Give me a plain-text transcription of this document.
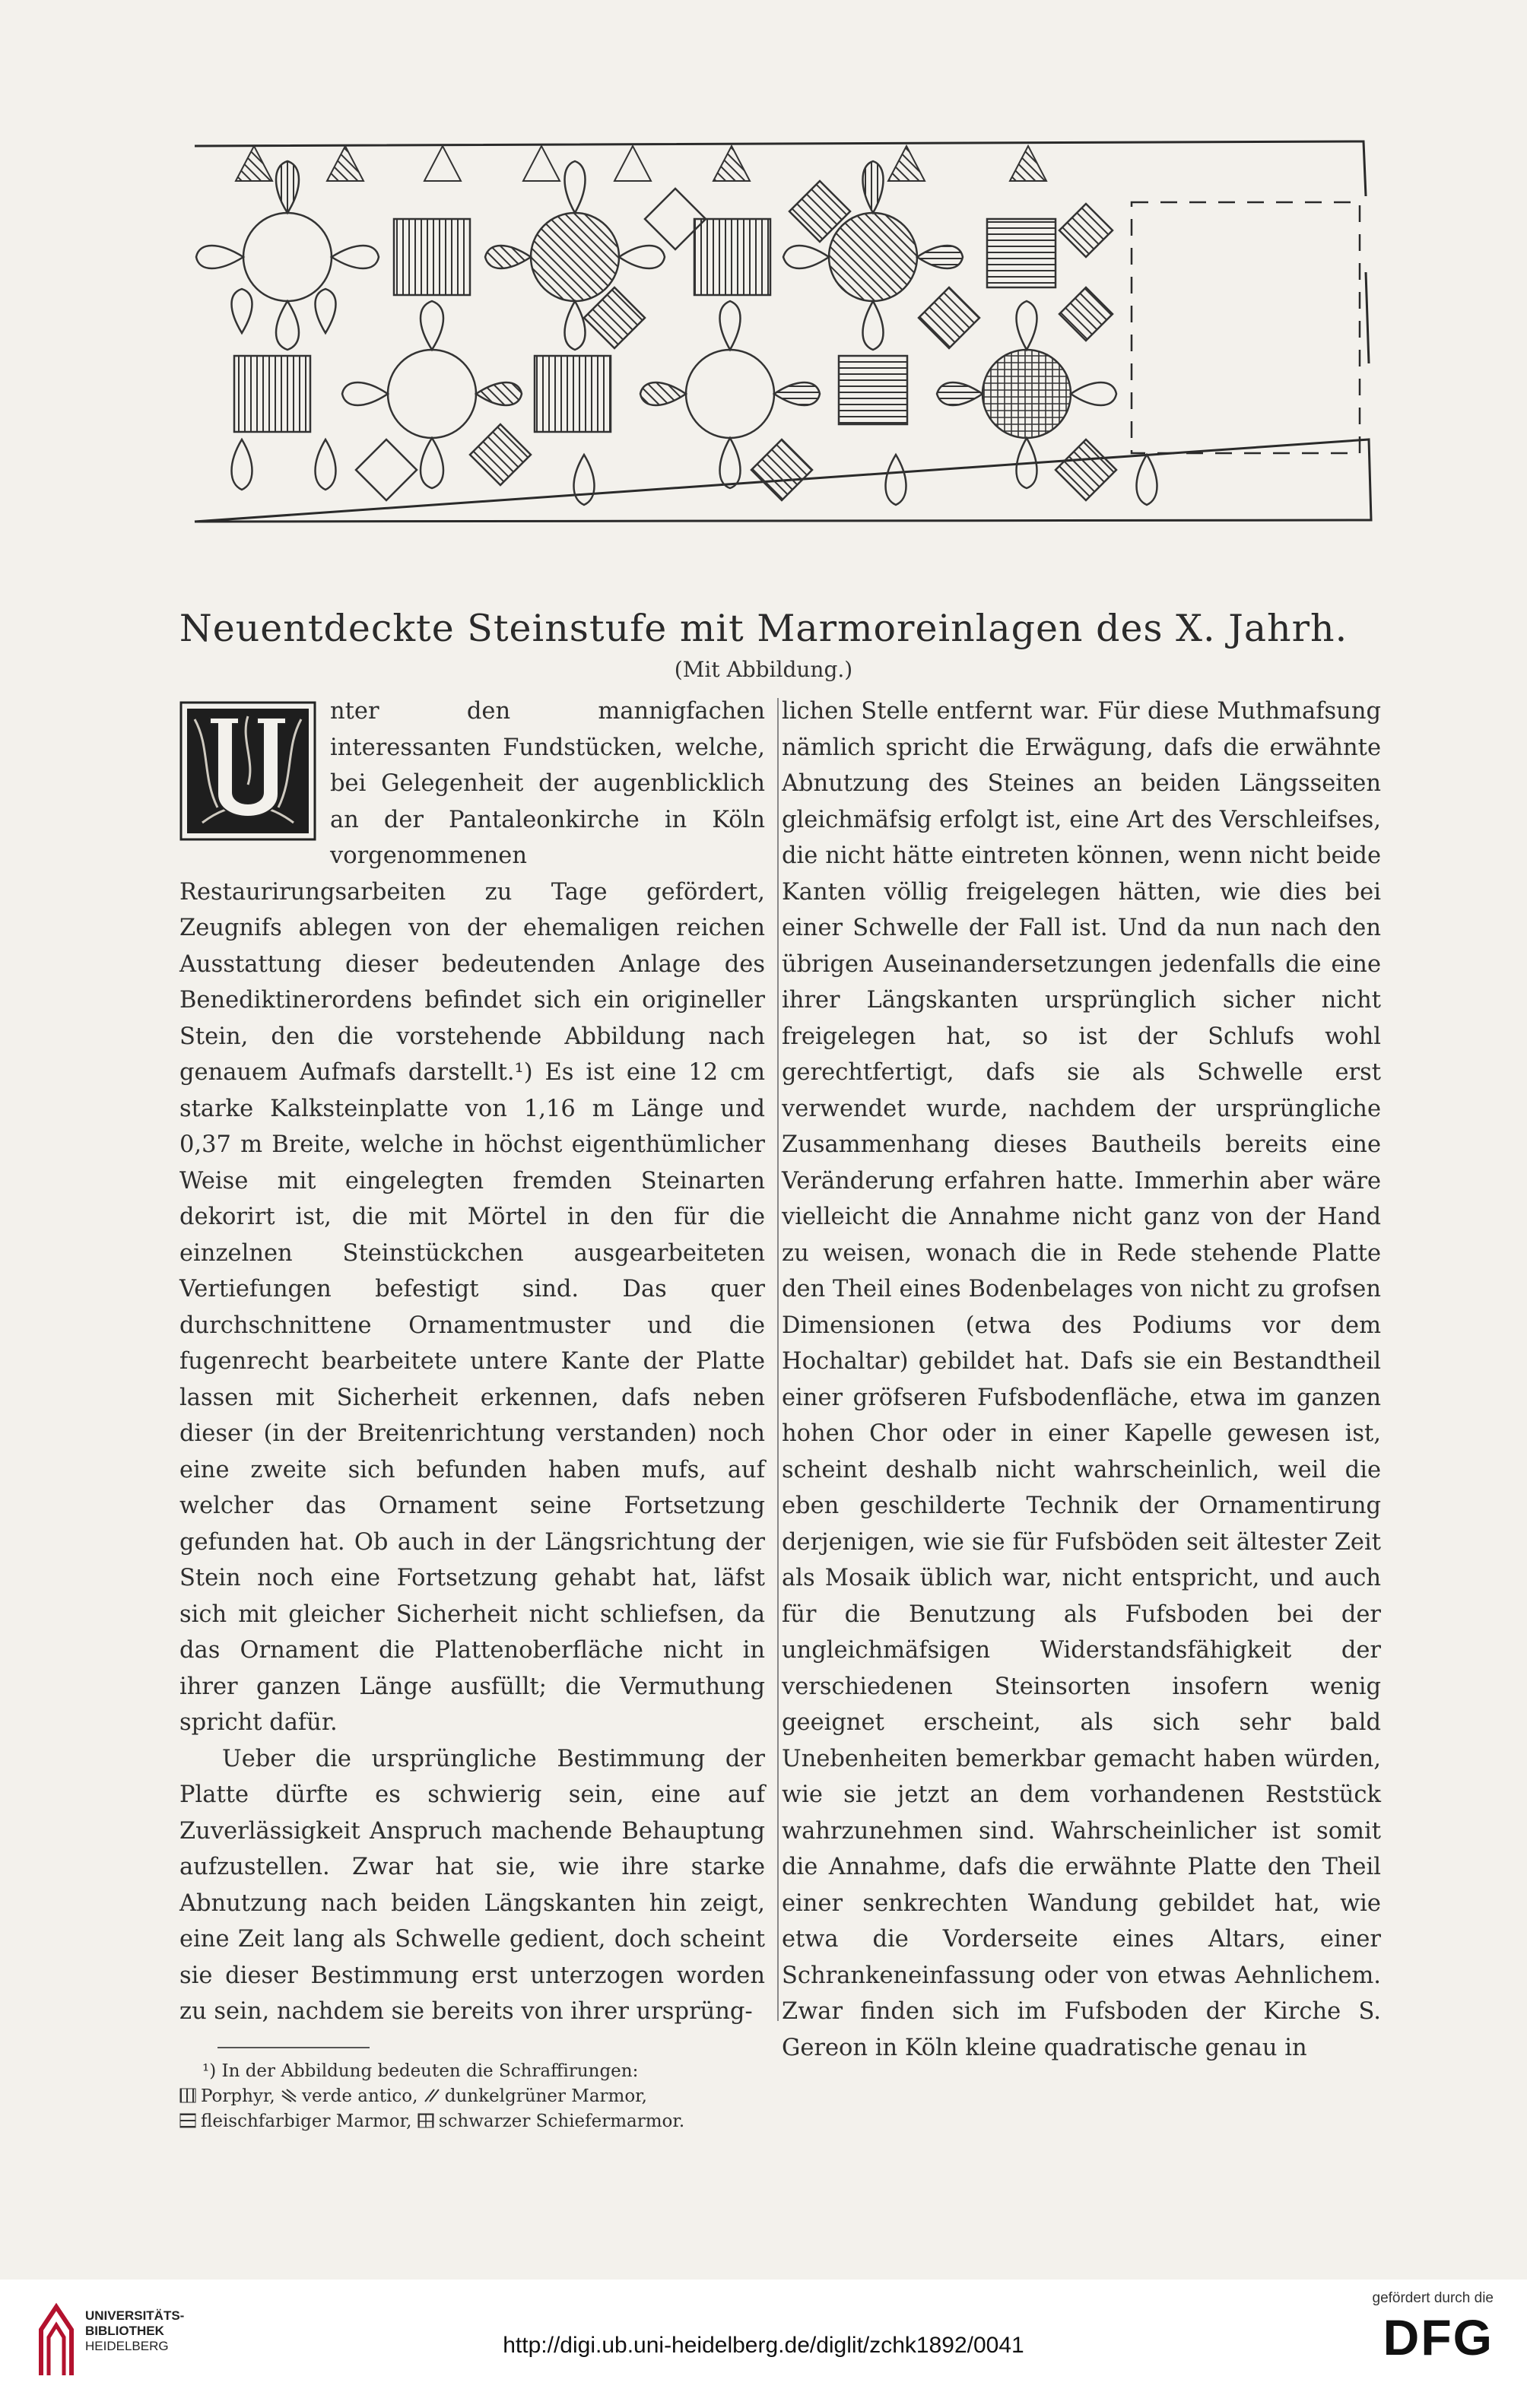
Neuentdeckte Steinstufe mit Marmoreinlagen des X. Jahrh.
(Mit Abbildung.)

nter den mannigfachen interessanten Fundstücken, welche, bei Gelegenheit der augenblicklich an der Pantaleonkirche in Köln vorgenommenen Restaurirungsarbeiten zu Tage gefördert, Zeugnifs ablegen von der ehemaligen reichen Ausstattung dieser bedeutenden Anlage des Benediktinerordens befindet sich ein origineller Stein, den die vorstehende Abbildung nach genauem Aufmafs darstellt.¹) Es ist eine 12 cm starke Kalksteinplatte von 1,16 m Länge und 0,37 m Breite, welche in höchst eigenthümlicher Weise mit eingelegten fremden Steinarten dekorirt ist, die mit Mörtel in den für die einzelnen Steinstückchen ausgearbeiteten Vertiefungen befestigt sind. Das quer durchschnittene Ornamentmuster und die fugenrecht bearbeitete untere Kante der Platte lassen mit Sicherheit erkennen, dafs neben dieser (in der Breitenrichtung verstanden) noch eine zweite sich befunden haben mufs, auf welcher das Ornament seine Fortsetzung gefunden hat. Ob auch in der Längsrichtung der Stein noch eine Fortsetzung gehabt hat, läfst sich mit gleicher Sicherheit nicht schliefsen, da das Ornament die Plattenoberfläche nicht in ihrer ganzen Länge ausfüllt; die Vermuthung spricht dafür.

Ueber die ursprüngliche Bestimmung der Platte dürfte es schwierig sein, eine auf Zuverlässigkeit Anspruch machende Behauptung aufzustellen. Zwar hat sie, wie ihre starke Abnutzung nach beiden Längskanten hin zeigt, eine Zeit lang als Schwelle gedient, doch scheint sie dieser Bestimmung erst unterzogen worden zu sein, nachdem sie bereits von ihrer ursprüng-

¹) In der Abbildung bedeuten die Schraffirungen:
Porphyr, verde antico, dunkelgrüner Marmor,
fleischfarbiger Marmor, schwarzer Schiefermarmor.

lichen Stelle entfernt war. Für diese Muthmafsung nämlich spricht die Erwägung, dafs die erwähnte Abnutzung des Steines an beiden Längsseiten gleichmäfsig erfolgt ist, eine Art des Verschleifses, die nicht hätte eintreten können, wenn nicht beide Kanten völlig freigelegen hätten, wie dies bei einer Schwelle der Fall ist. Und da nun nach den übrigen Auseinandersetzungen jedenfalls die eine ihrer Längskanten ursprünglich sicher nicht freigelegen hat, so ist der Schlufs wohl gerechtfertigt, dafs sie als Schwelle erst verwendet wurde, nachdem der ursprüngliche Zusammenhang dieses Bautheils bereits eine Veränderung erfahren hatte. Immerhin aber wäre vielleicht die Annahme nicht ganz von der Hand zu weisen, wonach die in Rede stehende Platte den Theil eines Bodenbelages von nicht zu grofsen Dimensionen (etwa des Podiums vor dem Hochaltar) gebildet hat. Dafs sie ein Bestandtheil einer gröfseren Fufsbodenfläche, etwa im ganzen hohen Chor oder in einer Kapelle gewesen ist, scheint deshalb nicht wahrscheinlich, weil die eben geschilderte Technik der Ornamentirung derjenigen, wie sie für Fufsböden seit ältester Zeit als Mosaik üblich war, nicht entspricht, und auch für die Benutzung als Fufsboden bei der ungleichmäfsigen Widerstandsfähigkeit der verschiedenen Steinsorten insofern wenig geeignet erscheint, als sich sehr bald Unebenheiten bemerkbar gemacht haben würden, wie sie jetzt an dem vorhandenen Reststück wahrzunehmen sind. Wahrscheinlicher ist somit die Annahme, dafs die erwähnte Platte den Theil einer senkrechten Wandung gebildet hat, wie etwa die Vorderseite eines Altars, einer Schrankeneinfassung oder von etwas Aehnlichem. Zwar finden sich im Fufsboden der Kirche S. Gereon in Köln kleine quadratische genau in

UNIVERSITÄTS-
BIBLIOTHEK
HEIDELBERG	http://digi.ub.uni-heidelberg.de/diglit/zchk1892/0041
gefördert durch die
DFG
